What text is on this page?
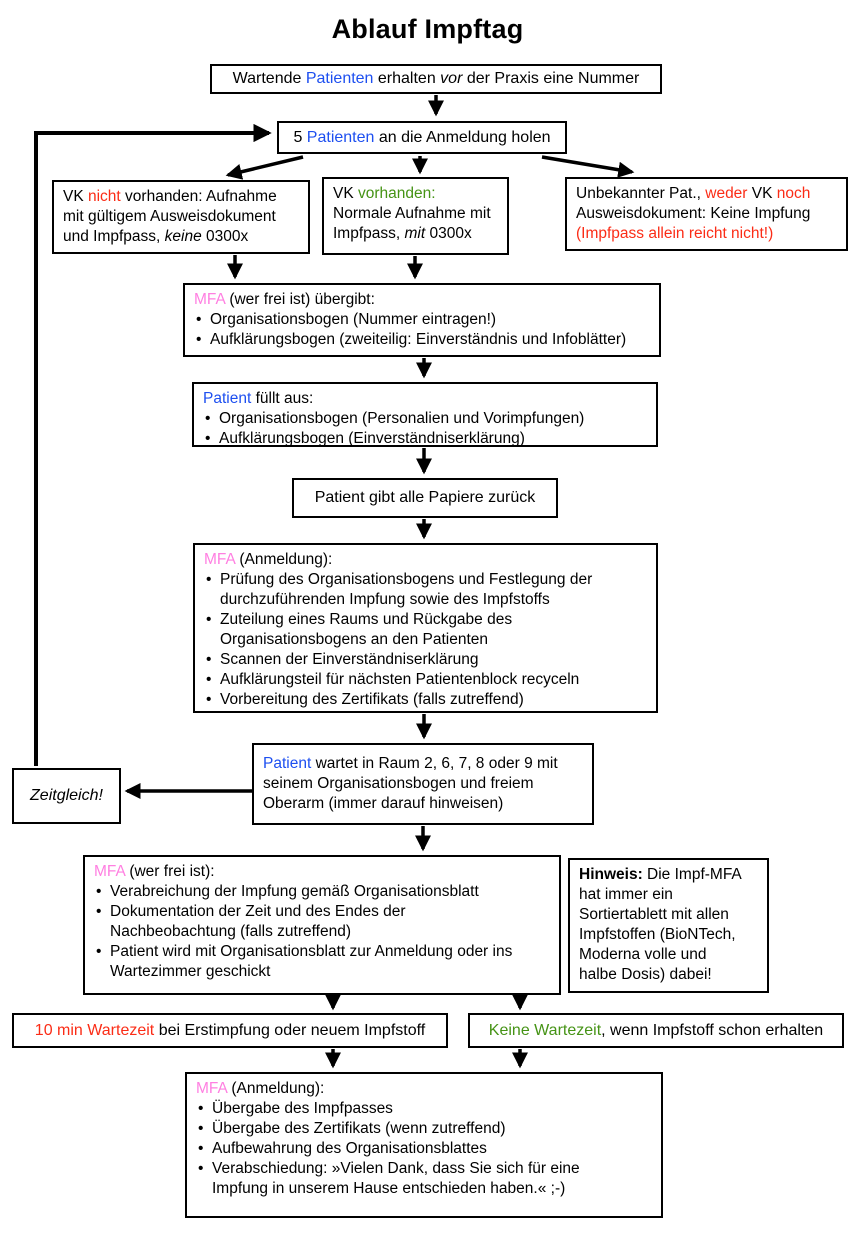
Ablauf Impftag
Wartende Patienten erhalten vor der Praxis eine Nummer
5 Patienten an die Anmeldung holen
VK nicht vorhanden: Aufnahme
mit gültigem Ausweisdokument
und Impfpass, keine 0300x
VK vorhanden:
Normale Aufnahme mit
Impfpass, mit 0300x
Unbekannter Pat., weder VK noch
Ausweisdokument: Keine Impfung
(Impfpass allein reicht nicht!)
MFA (wer frei ist) übergibt:
• Organisationsbogen (Nummer eintragen!)
• Aufklärungsbogen (zweiteilig: Einverständnis und Infoblätter)
Patient füllt aus:
• Organisationsbogen (Personalien und Vorimpfungen)
• Aufklärungsbogen (Einverständniserklärung)
Patient gibt alle Papiere zurück
MFA (Anmeldung):
• Prüfung des Organisationsbogens und Festlegung der
durchzuführenden Impfung sowie des Impfstoffs
• Zuteilung eines Raums und Rückgabe des
Organisationsbogens an den Patienten
• Scannen der Einverständniserklärung
• Aufklärungsteil für nächsten Patientenblock recyceln
• Vorbereitung des Zertifikats (falls zutreffend)
Patient wartet in Raum 2, 6, 7, 8 oder 9 mit
seinem Organisationsbogen und freiem
Oberarm (immer darauf hinweisen)
Zeitgleich!
MFA (wer frei ist):
• Verabreichung der Impfung gemäß Organisationsblatt
• Dokumentation der Zeit und des Endes der
Nachbeobachtung (falls zutreffend)
• Patient wird mit Organisationsblatt zur Anmeldung oder ins
Wartezimmer geschickt
Hinweis: Die Impf-MFA
hat immer ein
Sortiertablett mit allen
Impfstoffen (BioNTech,
Moderna volle und
halbe Dosis) dabei!
10 min Wartezeit bei Erstimpfung oder neuem Impfstoff	Keine Wartezeit, wenn Impfstoff schon erhalten
MFA (Anmeldung):
• Übergabe des Impfpasses
• Übergabe des Zertifikats (wenn zutreffend)
• Aufbewahrung des Organisationsblattes
• Verabschiedung: »Vielen Dank, dass Sie sich für eine
Impfung in unserem Hause entschieden haben.« ;-)
